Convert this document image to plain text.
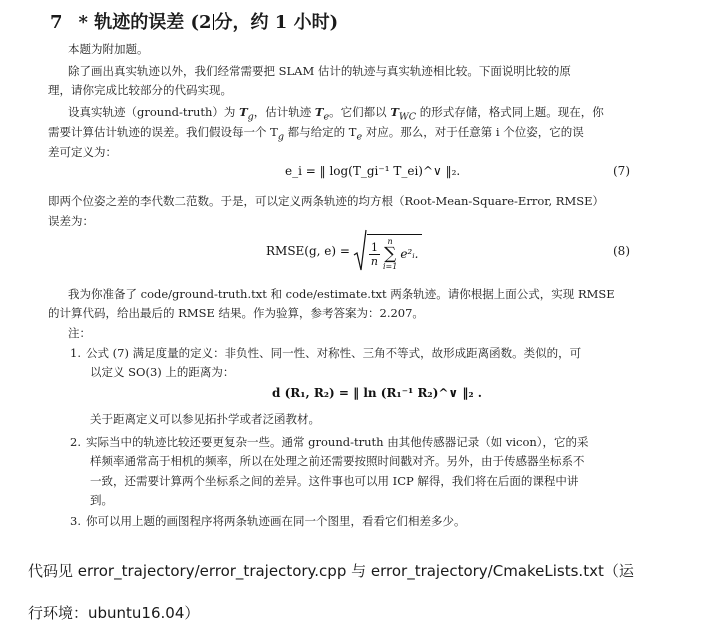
7 * 轨迹的误差 (2 分，约 1 小时)
本题为附加题。
除了画出真实轨迹以外，我们经常需要把 SLAM 估计的轨迹与真实轨迹相比较。下面说明比较的原
理，请你完成比较部分的代码实现。
设真实轨迹（ground-truth）为 $T_g$，估计轨迹 $T_e$。它们都以 $T_{WC}$ 的形式存储，格式同上题。现在，你
需要计算估计轨迹的误差。我们假设每一个 $T_g$ 都与给定的 $T_e$ 对应。那么，对于任意第 i 个位姿，它的误
差可定义为：
e_i = ‖ log(T_gi⁻¹ T_ei)^∨ ‖₂.	(7)
即两个位姿之差的李代数二范数。于是，可以定义两条轨迹的均方根（Root-Mean-Square-Error, RMSE）
误差为：
RMSE(g, $e) = \frac{1}{n}$ n
∑
i=1
e²ᵢ.	(8)
我为你准备了 code/ground-truth.txt 和 code/estimate.txt 两条轨迹。请你根据上面公式，实现 RMSE
的计算代码，给出最后的 RMSE 结果。作为验算，参考答案为：2.207。
注：
1. 公式 (7) 满足度量的定义：非负性、同一性、对称性、三角不等式，故形成距离函数。类似的，可
以定义 SO(3) 上的距离为：
d (R₁, R₂) = ‖ ln (R₁⁻¹ R₂)^∨ ‖₂ .
关于距离定义可以参见拓扑学或者泛函教材。
2. 实际当中的轨迹比较还要更复杂一些。通常 ground-truth 由其他传感器记录（如 vicon），它的采
样频率通常高于相机的频率，所以在处理之前还需要按照时间戳对齐。另外，由于传感器坐标系不
一致，还需要计算两个坐标系之间的差异。这件事也可以用 ICP 解得，我们将在后面的课程中讲
到。
3. 你可以用上题的画图程序将两条轨迹画在同一个图里，看看它们相差多少。
代码见 error_trajectory/error_trajectory.cpp 与 error_trajectory/CmakeLists.txt（运
行环境：ubuntu16.04）
